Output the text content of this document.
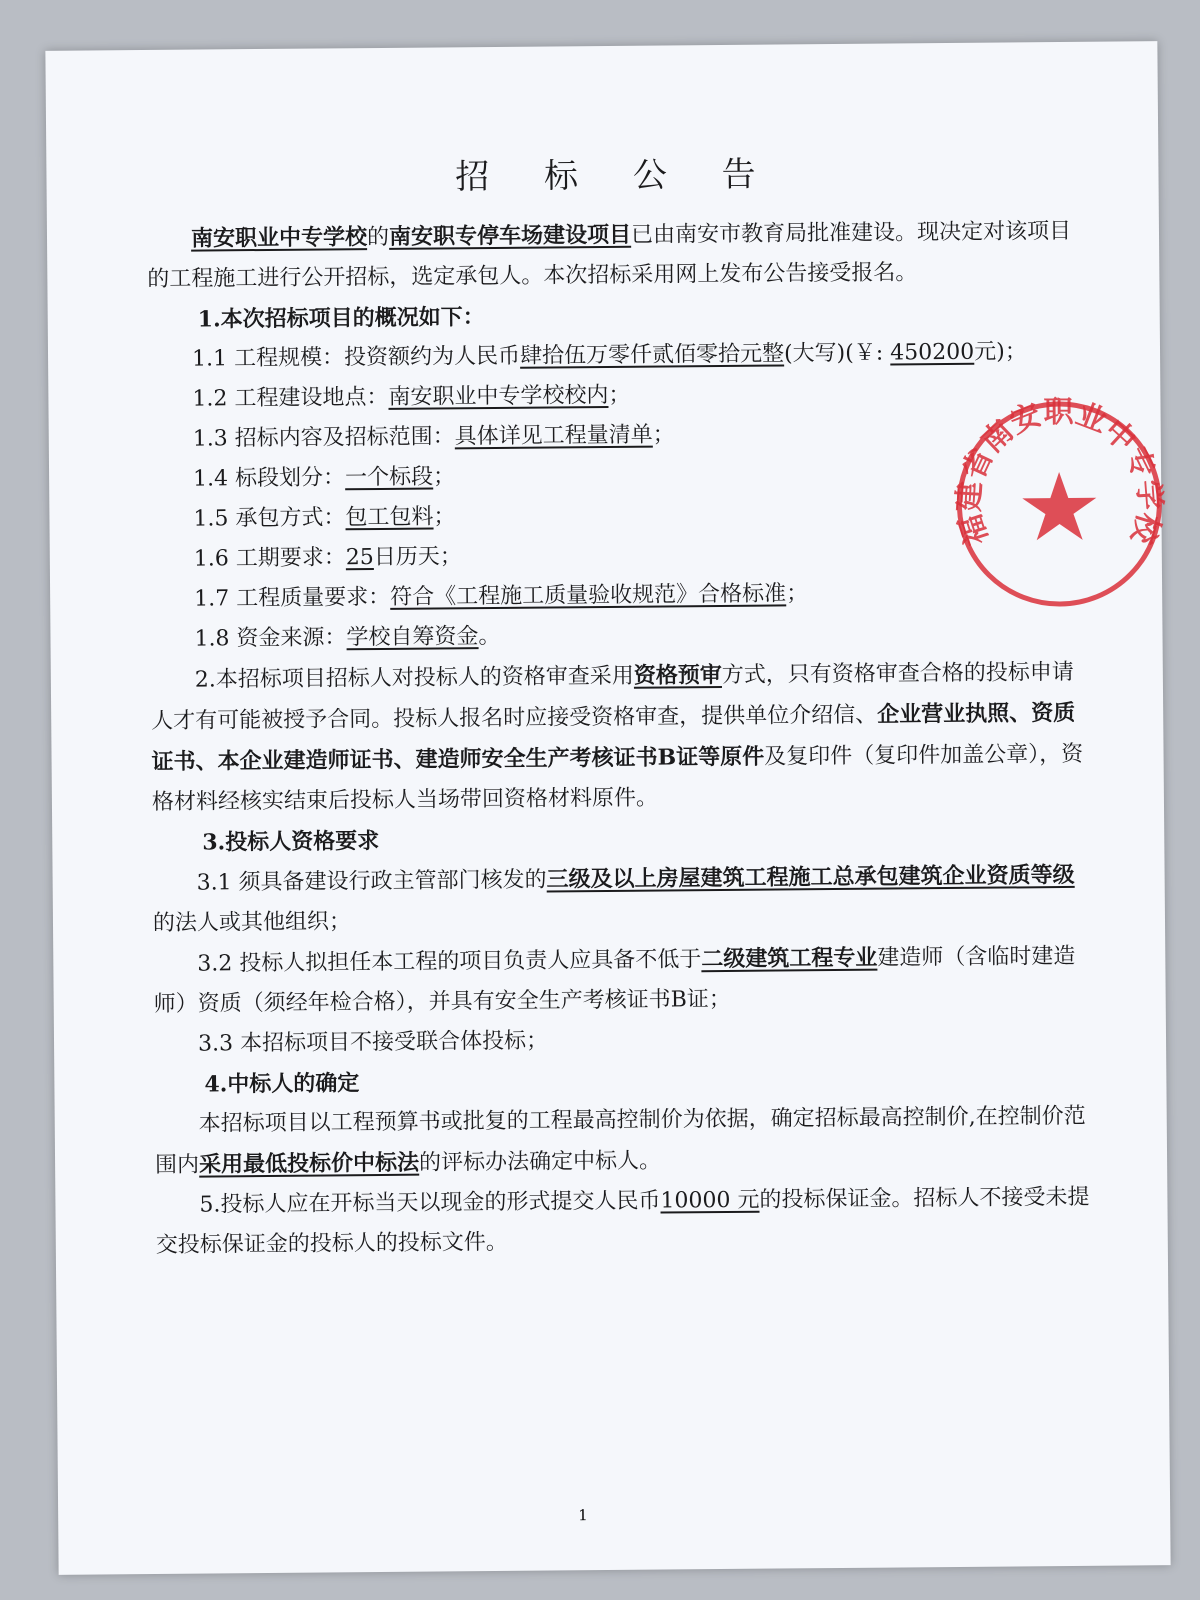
招 标 公 告

南安职业中专学校的南安职专停车场建设项目已由南安市教育局批准建设。现决定对该项目的工程施工进行公开招标，选定承包人。本次招标采用网上发布公告接受报名。

1.本次招标项目的概况如下：

1.1 工程规模：投资额约为人民币肆拾伍万零仟贰佰零拾元整(大写)(￥: 450200元)；

1.2 工程建设地点：南安职业中专学校校内；

1.3 招标内容及招标范围：具体详见工程量清单；

1.4 标段划分：一个标段；

1.5 承包方式：包工包料；

1.6 工期要求：25日历天；

1.7 工程质量要求：符合《工程施工质量验收规范》合格标准；

1.8 资金来源：学校自筹资金。

2.本招标项目招标人对投标人的资格审查采用资格预审方式，只有资格审查合格的投标申请人才有可能被授予合同。投标人报名时应接受资格审查，提供单位介绍信、企业营业执照、资质证书、本企业建造师证书、建造师安全生产考核证书B证等原件及复印件（复印件加盖公章），资格材料经核实结束后投标人当场带回资格材料原件。

3.投标人资格要求

3.1 须具备建设行政主管部门核发的三级及以上房屋建筑工程施工总承包建筑企业资质等级的法人或其他组织；

3.2 投标人拟担任本工程的项目负责人应具备不低于二级建筑工程专业建造师（含临时建造师）资质（须经年检合格），并具有安全生产考核证书B证；

3.3 本招标项目不接受联合体投标；

4.中标人的确定

本招标项目以工程预算书或批复的工程最高控制价为依据，确定招标最高控制价,在控制价范围内采用最低投标价中标法的评标办法确定中标人。

5.投标人应在开标当天以现金的形式提交人民币10000 元的投标保证金。招标人不接受未提交投标保证金的投标人的投标文件。

1
福建省南安职业中专学校
